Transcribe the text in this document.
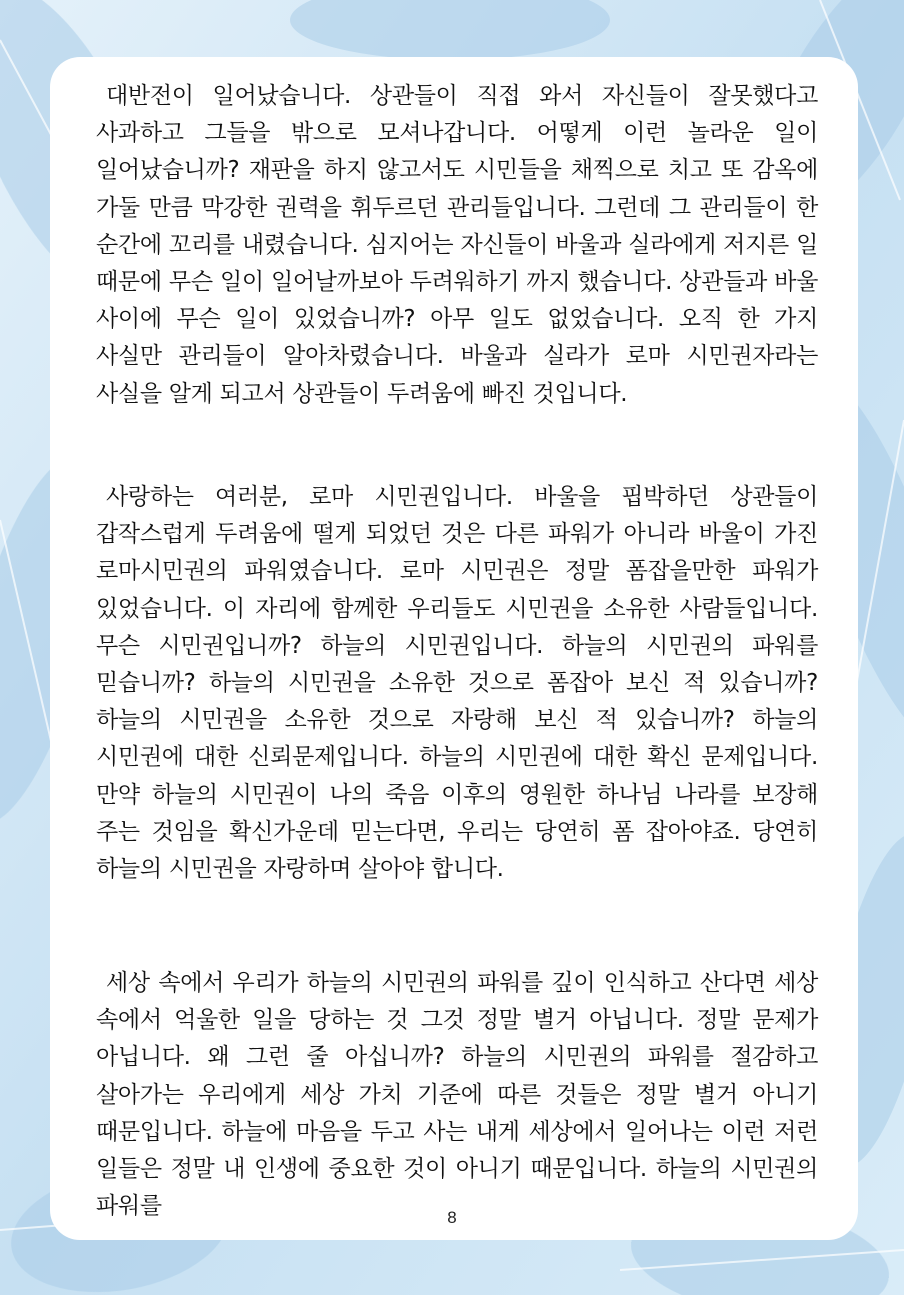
대반전이 일어났습니다. 상관들이 직접 와서 자신들이 잘못했다고 사과하고 그들을 밖으로 모셔나갑니다. 어떻게 이런 놀라운 일이 일어났습니까? 재판을 하지 않고서도 시민들을 채찍으로 치고 또 감옥에 가둘 만큼 막강한 권력을 휘두르던 관리들입니다. 그런데 그 관리들이 한 순간에 꼬리를 내렸습니다. 심지어는 자신들이 바울과 실라에게 저지른 일 때문에 무슨 일이 일어날까보아 두려워하기 까지 했습니다. 상관들과 바울 사이에 무슨 일이 있었습니까? 아무 일도 없었습니다. 오직 한 가지 사실만 관리들이 알아차렸습니다. 바울과 실라가 로마 시민권자라는 사실을 알게 되고서 상관들이 두려움에 빠진 것입니다.

사랑하는 여러분, 로마 시민권입니다. 바울을 핍박하던 상관들이 갑작스럽게 두려움에 떨게 되었던 것은 다른 파워가 아니라 바울이 가진 로마시민권의 파워였습니다. 로마 시민권은 정말 폼잡을만한 파워가 있었습니다. 이 자리에 함께한 우리들도 시민권을 소유한 사람들입니다. 무슨 시민권입니까? 하늘의 시민권입니다. 하늘의 시민권의 파워를 믿습니까? 하늘의 시민권을 소유한 것으로 폼잡아 보신 적 있습니까? 하늘의 시민권을 소유한 것으로 자랑해 보신 적 있습니까? 하늘의 시민권에 대한 신뢰문제입니다. 하늘의 시민권에 대한 확신 문제입니다. 만약 하늘의 시민권이 나의 죽음 이후의 영원한 하나님 나라를 보장해 주는 것임을 확신가운데 믿는다면, 우리는 당연히 폼 잡아야죠. 당연히 하늘의 시민권을 자랑하며 살아야 합니다.

세상 속에서 우리가 하늘의 시민권의 파워를 깊이 인식하고 산다면 세상 속에서 억울한 일을 당하는 것 그것 정말 별거 아닙니다. 정말 문제가 아닙니다. 왜 그런 줄 아십니까? 하늘의 시민권의 파워를 절감하고 살아가는 우리에게 세상 가치 기준에 따른 것들은 정말 별거 아니기 때문입니다. 하늘에 마음을 두고 사는 내게 세상에서 일어나는 이런 저런 일들은 정말 내 인생에 중요한 것이 아니기 때문입니다. 하늘의 시민권의 파워를	8
